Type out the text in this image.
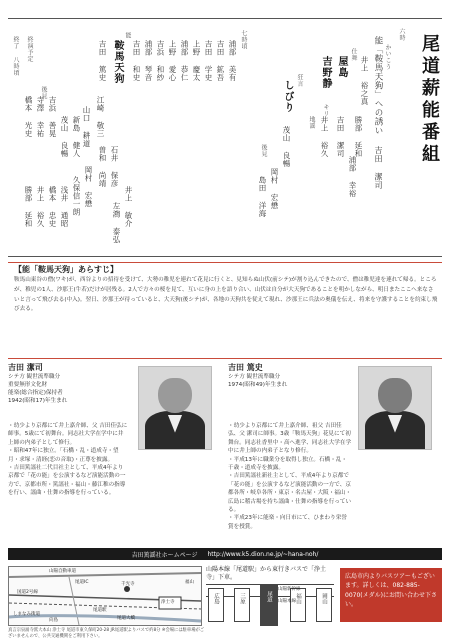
尾道薪能番組
六時
かいこう
能「鞍馬天狗」への誘い
吉田 潔司
仕舞
屋島
吉田 潔司
吉野静
キリ
井上 裕久
地謡
井上 裕之真
勝部 延和
浦部 幸裕
狂言
しびり
茂山 良暢
岡村 宏懋
後見
島田 洋海
七時頃
浦部 美有
吉田 鉱吾
吉田 学史
上野 慶太
浦部 恭仁
上野 愛心
吉浜 和紗
浦部 琴音
吉田 和史
能
鞍馬天狗
吉田 篤史
江崎 敬三
石井 保彦
曽和 尚靖
井上 敏介
左鴻 泰弘
山口 耕道
岡村 宏懋
新島 健人
茂山 良暢
久保信一朗
浅井 通昭
橋本 忠史
井上 裕久
後見
吉浜 善晃
寺澤 幸祐
橋本 光史
勝部 延和
終了 八時頃 終演予定
【能「鞍馬天狗」あらすじ】
鞍馬山東谷の僧(ワキ)が、西谷よりの招待を受けて、大勢の稚児を連れて花見に行くと、見知らぬ山伏(前シテ)が割り込んできたので、僧は稚児達を連れて帰る。ところが、稚児の1人、沙那王(牛若)だけが居残る。2人で方々の桜を見て、互いに身の上を語り合い、山伏は自分が大天狗であることを明かしながら、明日またここへ来なさいと言って飛び去る(中入)。翌日、沙那王が待っていると、大天狗(後シテ)が、各地の天狗共を従えて現れ、沙那王に兵法の奥儀を伝え、将来を守護することを約束し飛び去る。
吉田 潔司
シテ方 観世流準職分
重要無形文化財
能楽(総合指定)保持者
1942(昭和17)年生まれ
・幼少より京都にて井上嘉介師、父 吉田佳弘に師事。5歳にて初舞台。同志社大学在学中に井上師の内弟子として修行。
・昭和47年に独立。「石橋・乱・道成寺・望月・求塚・清経(恋の音取)・正尊を披露。
・吉田篤謡社二代目社主として、平成4年より京都で「花の能」を公演するなど演能活動の一方で、京都市所・篤謡社・福山・藤江稚の指導を行い、謡曲・仕舞の指導を行っている。
吉田 篤史
シテ方 観世流準職分
1974(昭和49)年生まれ
・幼少より京都にて井上嘉介師、祖父 吉田佳弘、父 潔司に師事。3歳「鞍馬天狗」花見にて初舞台。同志社香里中・高へ進学、同志社大学在学中に井上師の内弟子となり修行。
・平成13年に職業分を取得し独立。石橋・乱・千歳・道成寺を披露。
・吉田篤謡社新社主として、平成4年より京都で「花の能」を公演するなど演能活動の一方で、京都各所・岐阜各所・東京・名古屋・大阪・福山・広島に稽古場を持ち謡曲・仕舞の指導を行っている。
・平成23年に能楽・向日市にて、ひまわり栄誉賞を授賞。
吉田篤謡社ホームページ http://www.k5.dion.ne.jp/~hana-noh/
山陽自動車道
尾道IC	福山
国道2号線
尾道駅
浄土寺
千光寺
尾道大橋
しまなみ街道
向島
山陽本線「尾道駅」から東行きバスで「浄土寺」下車。
広島	三原	尾道	福山	岡山
山陽新幹線
山陽本線
広島市内よりバスツアーもございます。詳しくは、082-885-0070(メダル)にお問い合わせ下さい。
真言宗泉涌寺派大本山 浄土寺 尾道市東久保町20-28 JR尾道駅よりバスで約8分 ※会場には駐車場がございませんので、公共交通機関をご利用下さい。
